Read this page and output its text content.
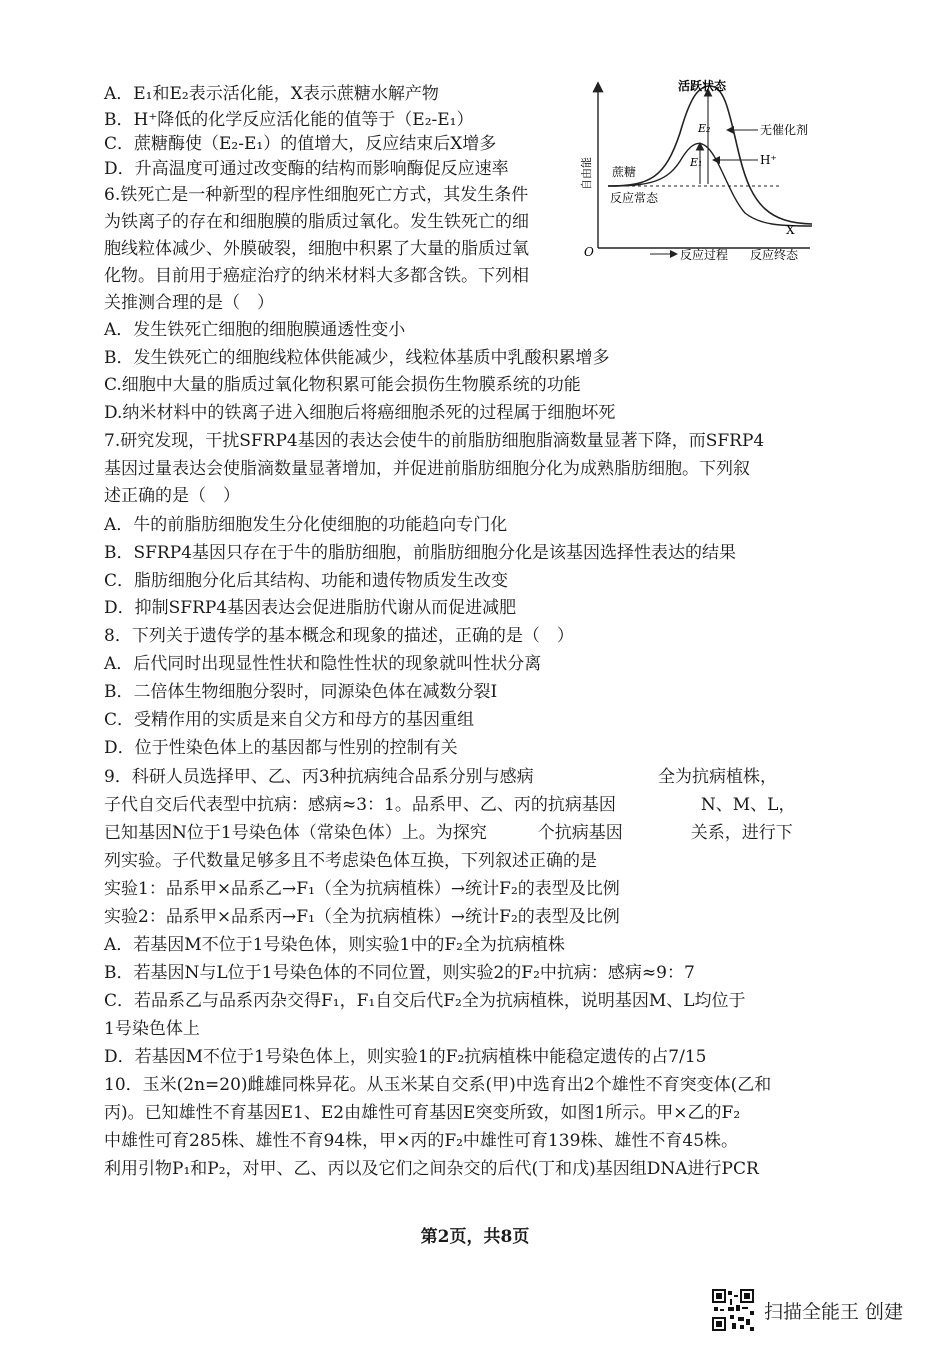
A．E₁和E₂表示活化能，X表示蔗糖水解产物
B．H⁺降低的化学反应活化能的值等于（E₂-E₁）
C．蔗糖酶使（E₂-E₁）的值增大，反应结束后X增多
D．升高温度可通过改变酶的结构而影响酶促反应速率
6.铁死亡是一种新型的程序性细胞死亡方式，其发生条件
为铁离子的存在和细胞膜的脂质过氧化。发生铁死亡的细
胞线粒体减少、外膜破裂，细胞中积累了大量的脂质过氧
化物。目前用于癌症治疗的纳米材料大多都含铁。下列相
关推测合理的是（　）
A．发生铁死亡细胞的细胞膜通透性变小
B．发生铁死亡的细胞线粒体供能减少，线粒体基质中乳酸积累增多
C.细胞中大量的脂质过氧化物积累可能会损伤生物膜系统的功能
D.纳米材料中的铁离子进入细胞后将癌细胞杀死的过程属于细胞坏死
7.研究发现，干扰SFRP4基因的表达会使牛的前脂肪细胞脂滴数量显著下降，而SFRP4
基因过量表达会使脂滴数量显著增加，并促进前脂肪细胞分化为成熟脂肪细胞。下列叙
述正确的是（　）
A．牛的前脂肪细胞发生分化使细胞的功能趋向专门化
B．SFRP4基因只存在于牛的脂肪细胞，前脂肪细胞分化是该基因选择性表达的结果
C．脂肪细胞分化后其结构、功能和遗传物质发生改变
D．抑制SFRP4基因表达会促进脂肪代谢从而促进减肥
8．下列关于遗传学的基本概念和现象的描述，正确的是（　）
A．后代同时出现显性性状和隐性性状的现象就叫性状分离
B．二倍体生物细胞分裂时，同源染色体在减数分裂I
C．受精作用的实质是来自父方和母方的基因重组
D．位于性染色体上的基因都与性别的控制有关
9．科研人员选择甲、乙、丙3种抗病纯合品系分别与感病 　　　　　　　全为抗病植株，
子代自交后代表型中抗病：感病≈3：1。品系甲、乙、丙的抗病基因　　　　　N、M、L，
已知基因N位于1号染色体（常染色体）上。为探究　　　个抗病基因　　　　关系，进行下
列实验。子代数量足够多且不考虑染色体互换，下列叙述正确的是
实验1：品系甲×品系乙→F₁（全为抗病植株）→统计F₂的表型及比例
实验2：品系甲×品系丙→F₁（全为抗病植株）→统计F₂的表型及比例
A．若基因M不位于1号染色体，则实验1中的F₂全为抗病植株
B．若基因N与L位于1号染色体的不同位置，则实验2的F₂中抗病：感病≈9：7
C．若品系乙与品系丙杂交得F₁，F₁自交后代F₂全为抗病植株，说明基因M、L均位于
1号染色体上
D．若基因M不位于1号染色体上，则实验1的F₂抗病植株中能稳定遗传的占7/15
10．玉米(2n=20)雌雄同株异花。从玉米某自交系(甲)中选育出2个雄性不育突变体(乙和
丙)。已知雄性不育基因E1、E2由雄性可育基因E突变所致，如图1所示。甲×乙的F₂
中雄性可育285株、雄性不育94株，甲×丙的F₂中雄性可育139株、雄性不育45株。
利用引物P₁和P₂，对甲、乙、丙以及它们之间杂交的后代(丁和戊)基因组DNA进行PCR
活跃状态
无催化剂
E₂
E₁	H⁺
蔗糖
反应常态
X
O	反应过程 反应终态
自由能
第2页，共8页
扫描全能王 创建
